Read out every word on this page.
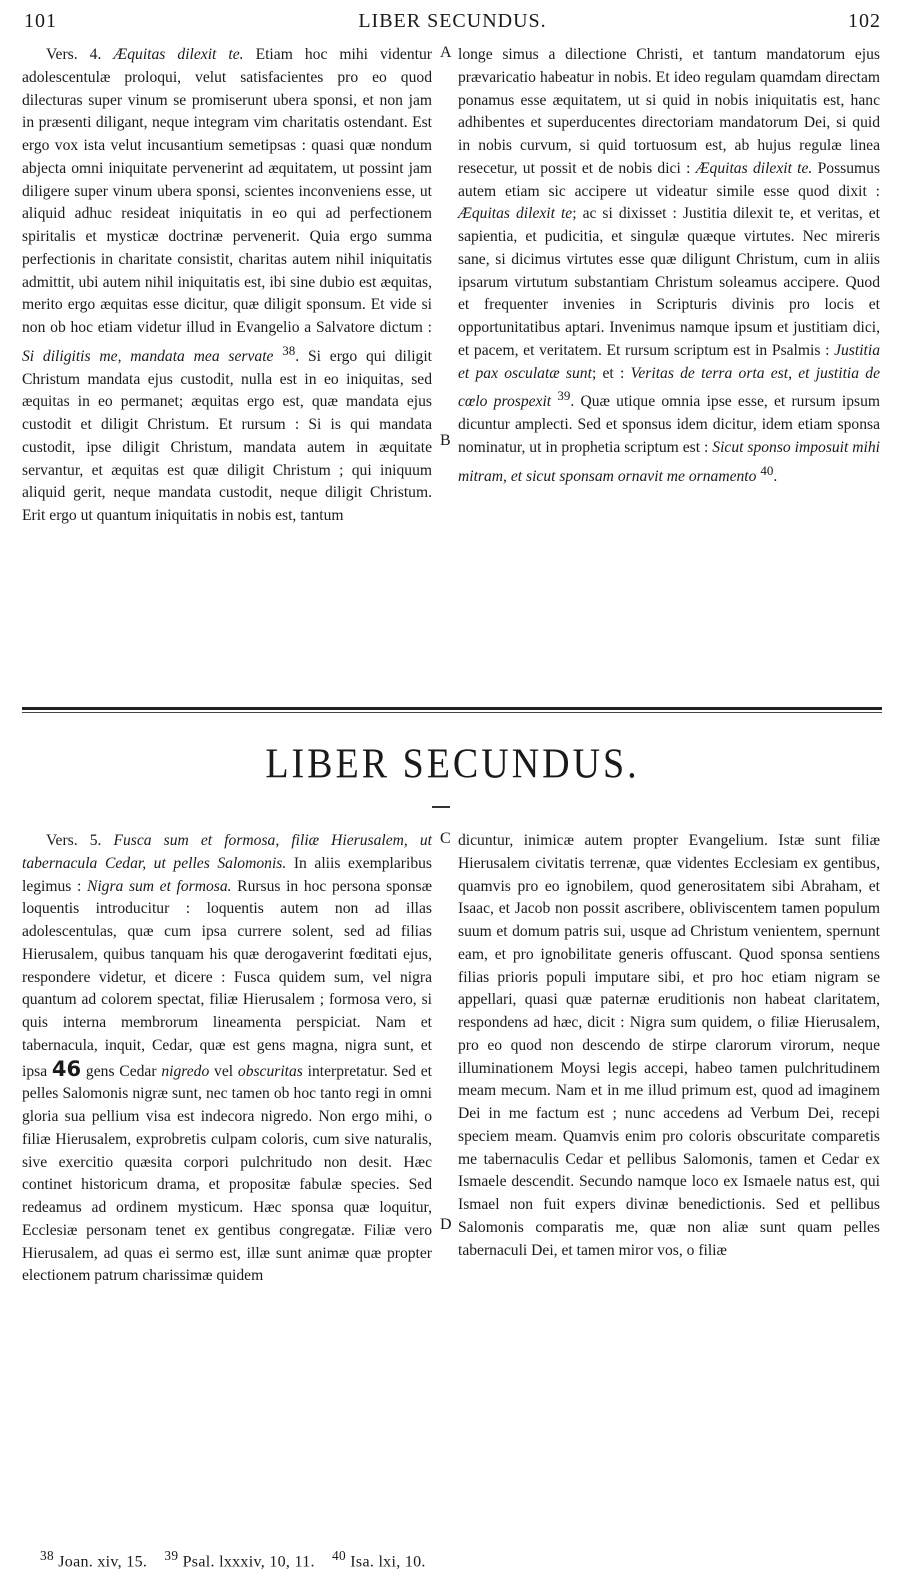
101	LIBER SECUNDUS.	102

Vers. 4. Æquitas dilexit te. Etiam hoc mihi videntur adolescentulæ proloqui, velut satisfacientes pro eo quod dilecturas super vinum se promiserunt ubera sponsi, et non jam in præsenti diligant, neque integram vim charitatis ostendant. Est ergo vox ista velut incusantium semetipsas : quasi quæ nondum abjecta omni iniquitate pervenerint ad æquitatem, ut possint jam diligere super vinum ubera sponsi, scientes inconveniens esse, ut aliquid adhuc resideat iniquitatis in eo qui ad perfectionem spiritalis et mysticæ doctrinæ pervenerit. Quia ergo summa perfectionis in charitate consistit, charitas autem nihil iniquitatis admittit, ubi autem nihil iniquitatis est, ibi sine dubio est æquitas, merito ergo æquitas esse dicitur, quæ diligit sponsum. Et vide si non ob hoc etiam videtur illud in Evangelio a Salvatore dictum : Si diligitis me, mandata mea servate $^{38}$. Si ergo qui diligit Christum mandata ejus custodit, nulla est in eo iniquitas, sed æquitas in eo permanet; æquitas ergo est, quæ mandata ejus custodit et diligit Christum. Et rursum : Si is qui mandata custodit, ipse diligit Christum, mandata autem in æquitate servantur, et æquitas est quæ diligit Christum ; qui iniquum aliquid gerit, neque mandata custodit, neque diligit Christum. Erit ergo ut quantum iniquitatis in nobis est, tantum

A
B

longe simus a dilectione Christi, et tantum mandatorum ejus prævaricatio habeatur in nobis. Et ideo regulam quamdam directam ponamus esse æquitatem, ut si quid in nobis iniquitatis est, hanc adhibentes et superducentes directoriam mandatorum Dei, si quid in nobis curvum, si quid tortuosum est, ab hujus regulæ linea resecetur, ut possit et de nobis dici : Æquitas dilexit te. Possumus autem etiam sic accipere ut videatur simile esse quod dixit : Æquitas dilexit te; ac si dixisset : Justitia dilexit te, et veritas, et sapientia, et pudicitia, et singulæ quæque virtutes. Nec mireris sane, si dicimus virtutes esse quæ diligunt Christum, cum in aliis ipsarum virtutum substantiam Christum soleamus accipere. Quod et frequenter invenies in Scripturis divinis pro locis et opportunitatibus aptari. Invenimus namque ipsum et justitiam dici, et pacem, et veritatem. Et rursum scriptum est in Psalmis : Justitia et pax osculatæ sunt; et : Veritas de terra orta est, et justitia de cœlo prospexit $^{39}$. Quæ utique omnia ipse esse, et rursum ipsum dicuntur amplecti. Sed et sponsus idem dicitur, idem etiam sponsa nominatur, ut in prophetia scriptum est : Sicut sponso imposuit mihi mitram, et sicut sponsam ornavit me ornamento $^{40}$.

LIBER SECUNDUS.

Vers. 5. Fusca sum et formosa, filiæ Hierusalem, ut tabernacula Cedar, ut pelles Salomonis. In aliis exemplaribus legimus : Nigra sum et formosa. Rursus in hoc persona sponsæ loquentis introducitur : loquentis autem non ad illas adolescentulas, quæ cum ipsa currere solent, sed ad filias Hierusalem, quibus tanquam his quæ derogaverint fœditati ejus, respondere videtur, et dicere : Fusca quidem sum, vel nigra quantum ad colorem spectat, filiæ Hierusalem ; formosa vero, si quis interna membrorum lineamenta perspiciat. Nam et tabernacula, inquit, Cedar, quæ est gens magna, nigra sunt, et ipsa 46 gens Cedar nigredo vel obscuritas interpretatur. Sed et pelles Salomonis nigræ sunt, nec tamen ob hoc tanto regi in omni gloria sua pellium visa est indecora nigredo. Non ergo mihi, o filiæ Hierusalem, exprobretis culpam coloris, cum sive naturalis, sive exercitio quæsita corpori pulchritudo non desit. Hæc continet historicum drama, et propositæ fabulæ species. Sed redeamus ad ordinem mysticum. Hæc sponsa quæ loquitur, Ecclesiæ personam tenet ex gentibus congregatæ. Filiæ vero Hierusalem, ad quas ei sermo est, illæ sunt animæ quæ propter electionem patrum charissimæ quidem

C
D

dicuntur, inimicæ autem propter Evangelium. Istæ sunt filiæ Hierusalem civitatis terrenæ, quæ videntes Ecclesiam ex gentibus, quamvis pro eo ignobilem, quod generositatem sibi Abraham, et Isaac, et Jacob non possit ascribere, obliviscentem tamen populum suum et domum patris sui, usque ad Christum venientem, spernunt eam, et pro ignobilitate generis offuscant. Quod sponsa sentiens filias prioris populi imputare sibi, et pro hoc etiam nigram se appellari, quasi quæ paternæ eruditionis non habeat claritatem, respondens ad hæc, dicit : Nigra sum quidem, o filiæ Hierusalem, pro eo quod non descendo de stirpe clarorum virorum, neque illuminationem Moysi legis accepi, habeo tamen pulchritudinem meam mecum. Nam et in me illud primum est, quod ad imaginem Dei in me factum est ; nunc accedens ad Verbum Dei, recepi speciem meam. Quamvis enim pro coloris obscuritate comparetis me tabernaculis Cedar et pellibus Salomonis, tamen et Cedar ex Ismaele descendit. Secundo namque loco ex Ismaele natus est, qui Ismael non fuit expers divinæ benedictionis. Sed et pellibus Salomonis comparatis me, quæ non aliæ sunt quam pelles tabernaculi Dei, et tamen miror vos, o filiæ

$^{38}$ Joan. xiv, 15.    $^{39}$ Psal. lxxxiv, 10, 11.    $^{40}$ Isa. lxi, 10.
